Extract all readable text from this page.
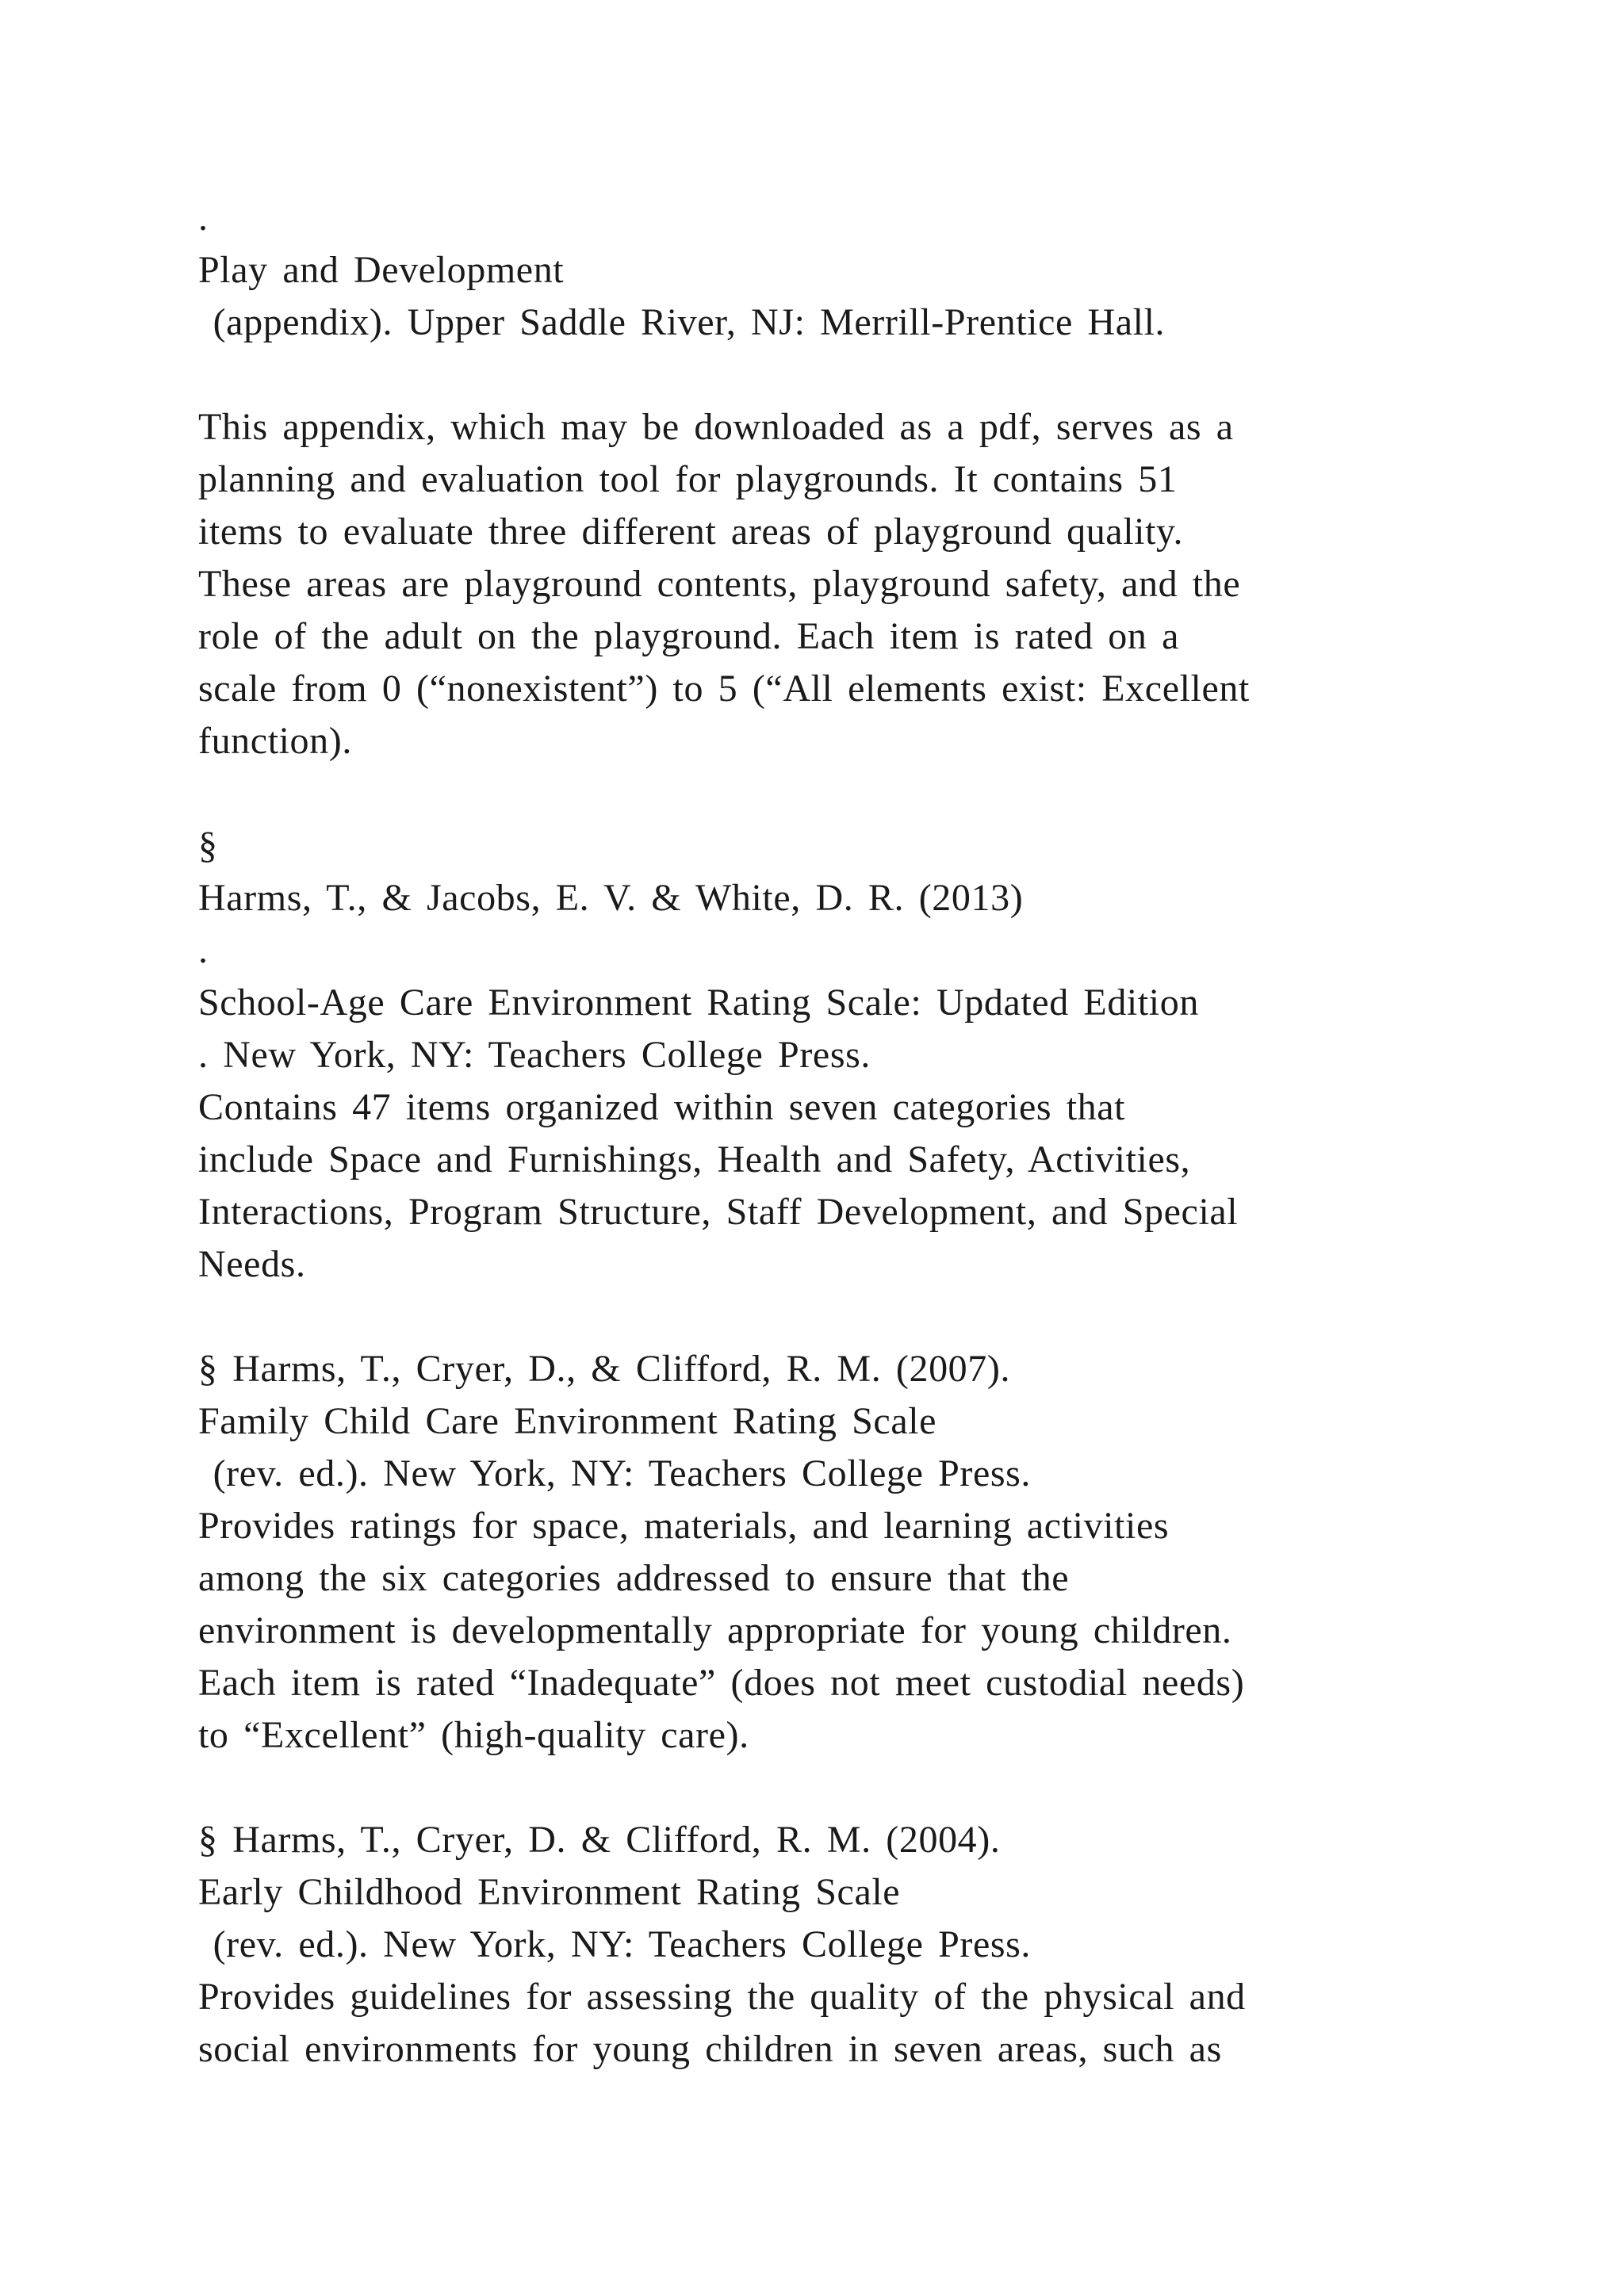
.
Play and Development
(appendix). Upper Saddle River, NJ: Merrill-Prentice Hall.
This appendix, which may be downloaded as a pdf, serves as a
planning and evaluation tool for playgrounds. It contains 51
items to evaluate three different areas of playground quality.
These areas are playground contents, playground safety, and the
role of the adult on the playground. Each item is rated on a
scale from 0 (“nonexistent”) to 5 (“All elements exist: Excellent
function).
§
Harms, T., & Jacobs, E. V. & White, D. R. (2013)
.
School-Age Care Environment Rating Scale: Updated Edition
. New York, NY: Teachers College Press.
Contains 47 items organized within seven categories that
include Space and Furnishings, Health and Safety, Activities,
Interactions, Program Structure, Staff Development, and Special
Needs.
§ Harms, T., Cryer, D., & Clifford, R. M. (2007).
Family Child Care Environment Rating Scale
(rev. ed.). New York, NY: Teachers College Press.
Provides ratings for space, materials, and learning activities
among the six categories addressed to ensure that the
environment is developmentally appropriate for young children.
Each item is rated “Inadequate” (does not meet custodial needs)
to “Excellent” (high-quality care).
§ Harms, T., Cryer, D. & Clifford, R. M. (2004).
Early Childhood Environment Rating Scale
(rev. ed.). New York, NY: Teachers College Press.
Provides guidelines for assessing the quality of the physical and
social environments for young children in seven areas, such as
